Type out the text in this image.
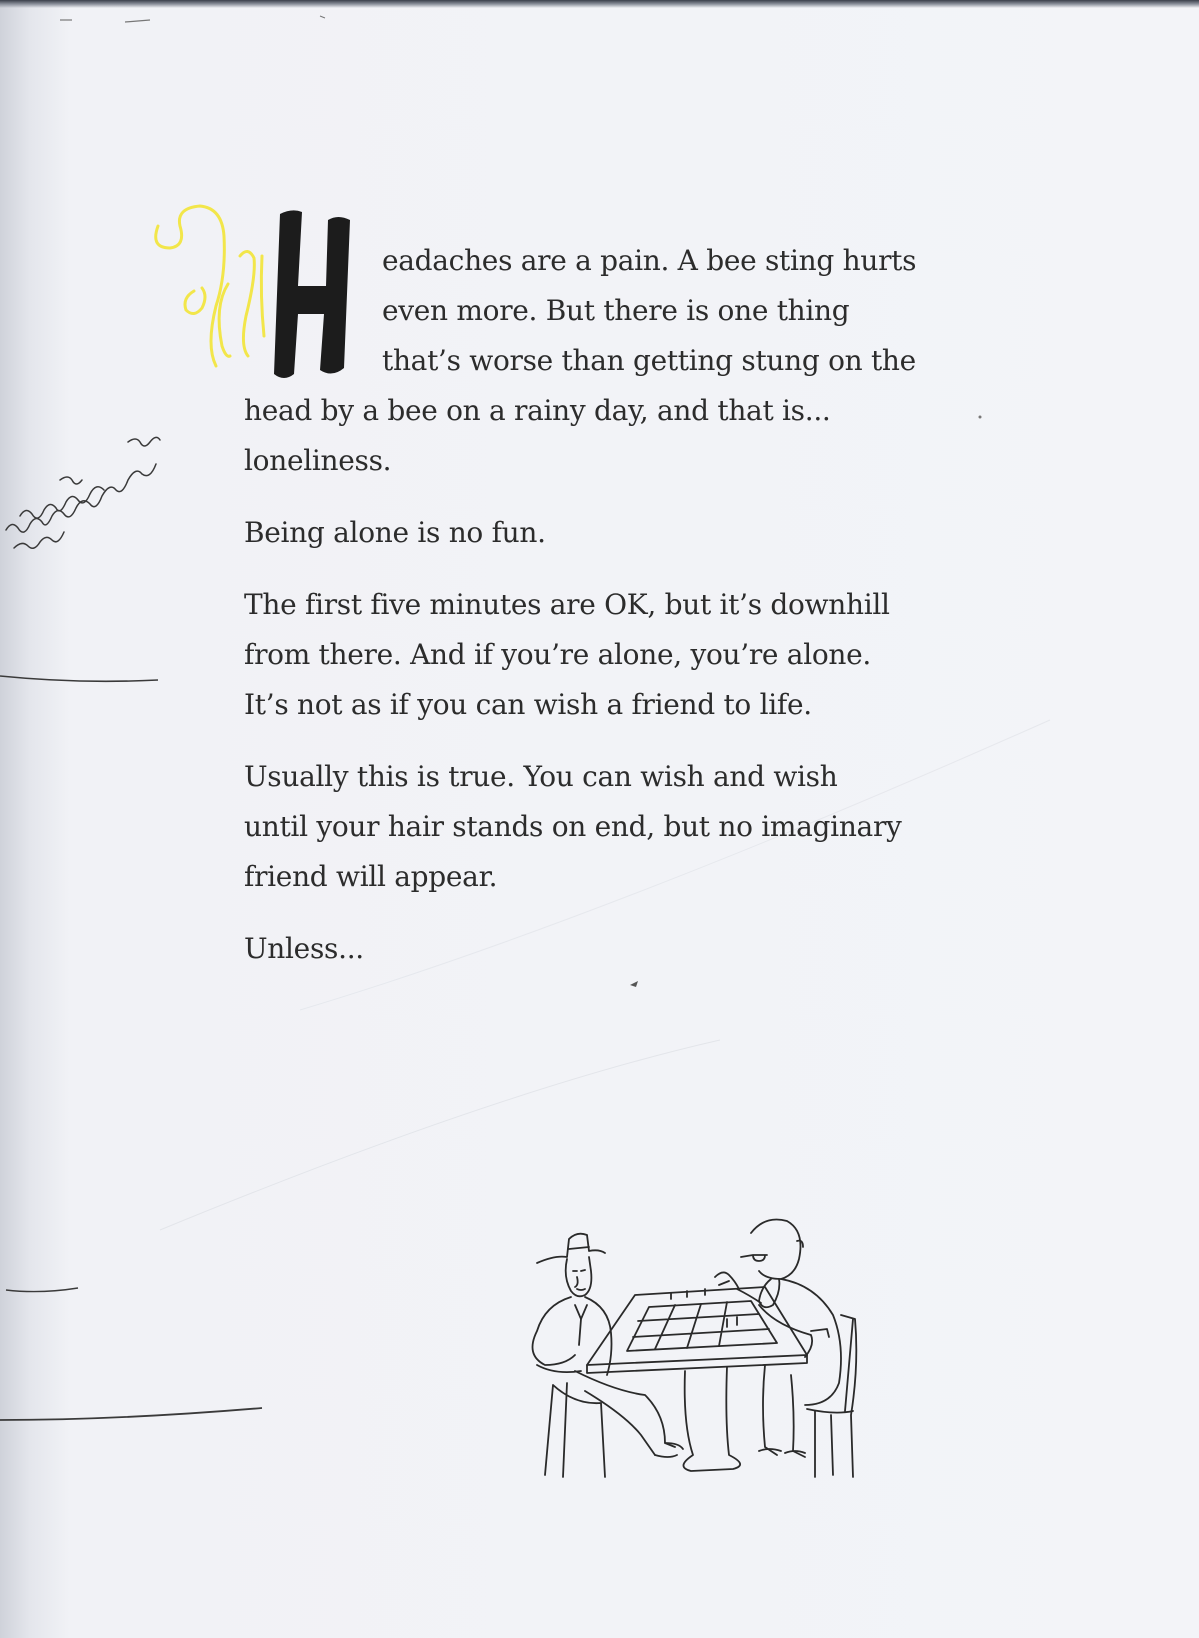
eadaches are a pain. A bee sting hurts
even more. But there is one thing
that’s worse than getting stung on the
head by a bee on a rainy day, and that is...
loneliness.

Being alone is no fun.

The first five minutes are OK, but it’s downhill
from there. And if you’re alone, you’re alone.
It’s not as if you can wish a friend to life.

Usually this is true. You can wish and wish
until your hair stands on end, but no imaginary
friend will appear.

Unless...
